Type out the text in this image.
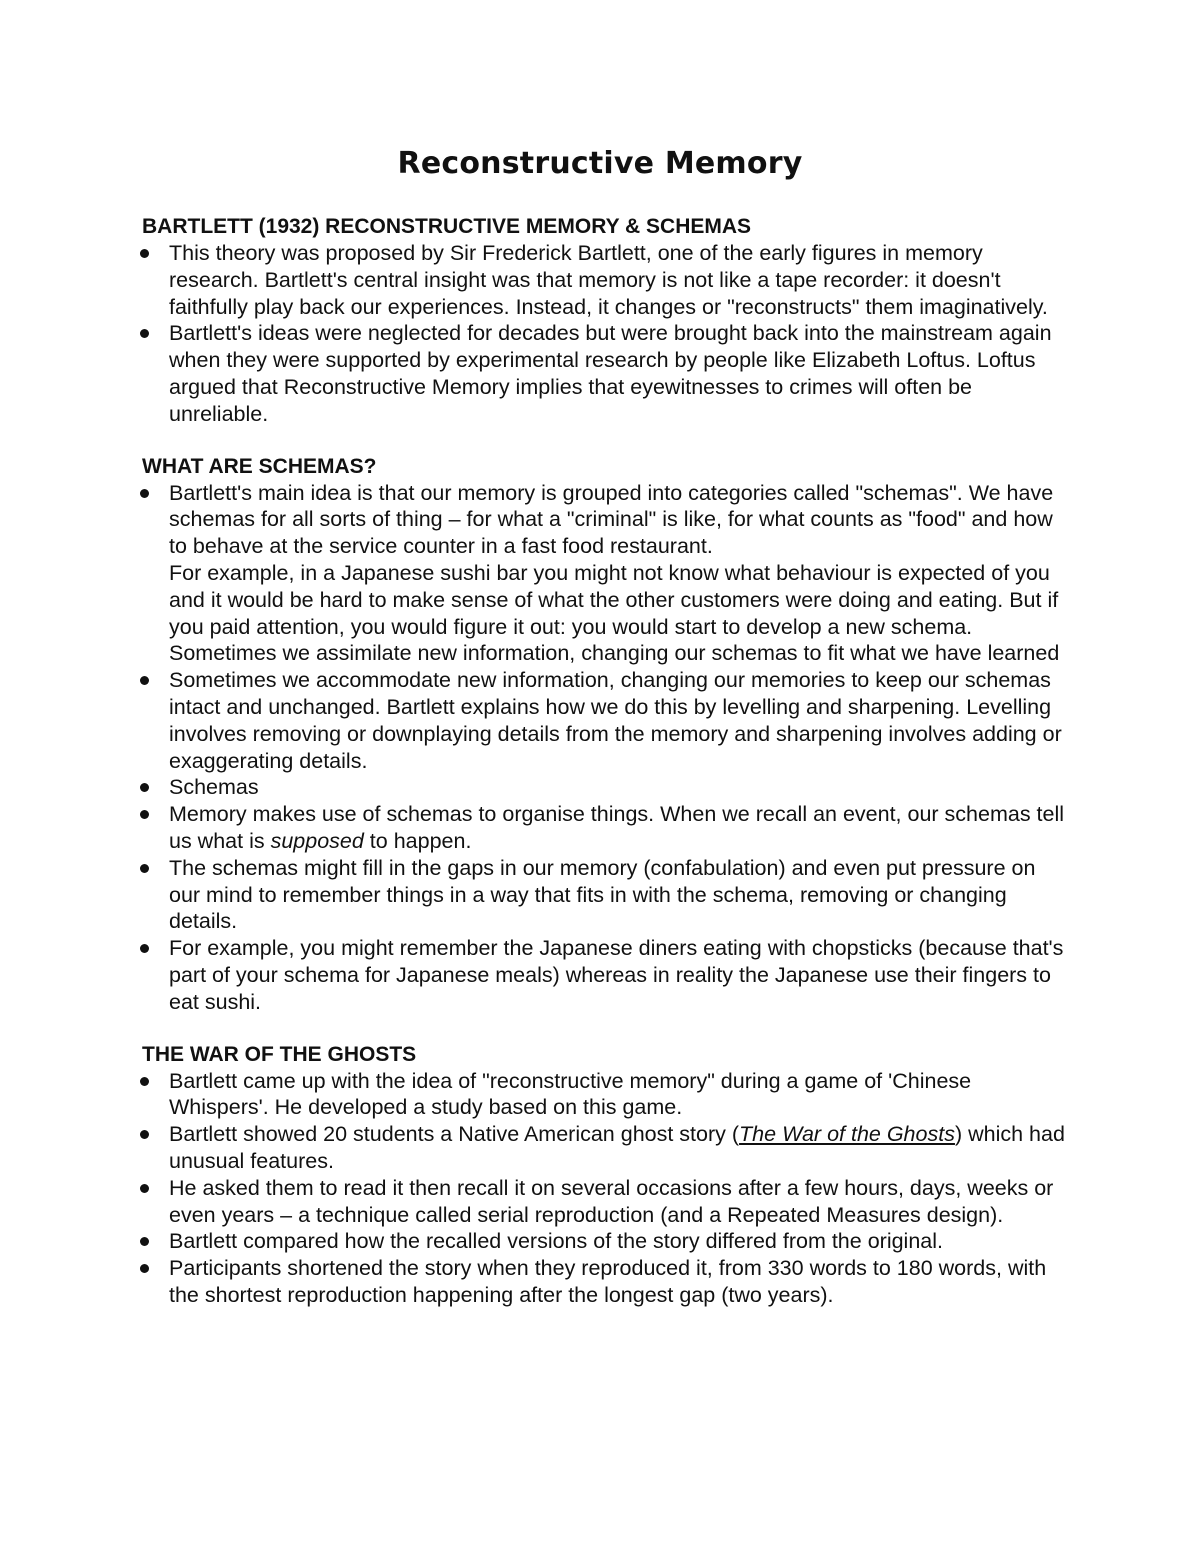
Reconstructive Memory
BARTLETT (1932) RECONSTRUCTIVE MEMORY & SCHEMAS
This theory was proposed by Sir Frederick Bartlett, one of the early figures in memory research. Bartlett's central insight was that memory is not like a tape recorder: it doesn't faithfully play back our experiences. Instead, it changes or "reconstructs" them imaginatively.
Bartlett's ideas were neglected for decades but were brought back into the mainstream again when they were supported by experimental research by people like Elizabeth Loftus. Loftus argued that Reconstructive Memory implies that eyewitnesses to crimes will often be unreliable.
WHAT ARE SCHEMAS?
Bartlett's main idea is that our memory is grouped into categories called "schemas". We have schemas for all sorts of thing – for what a "criminal" is like, for what counts as "food" and how to behave at the service counter in a fast food restaurant.
For example, in a Japanese sushi bar you might not know what behaviour is expected of you and it would be hard to make sense of what the other customers were doing and eating. But if you paid attention, you would figure it out: you would start to develop a new schema. Sometimes we assimilate new information, changing our schemas to fit what we have learned
Sometimes we accommodate new information, changing our memories to keep our schemas intact and unchanged. Bartlett explains how we do this by levelling and sharpening. Levelling involves removing or downplaying details from the memory and sharpening involves adding or exaggerating details.
Schemas
Memory makes use of schemas to organise things. When we recall an event, our schemas tell us what is supposed to happen.
The schemas might fill in the gaps in our memory (confabulation) and even put pressure on our mind to remember things in a way that fits in with the schema, removing or changing details.
For example, you might remember the Japanese diners eating with chopsticks (because that's part of your schema for Japanese meals) whereas in reality the Japanese use their fingers to eat sushi.
THE WAR OF THE GHOSTS
Bartlett came up with the idea of "reconstructive memory" during a game of 'Chinese Whispers'. He developed a study based on this game.
Bartlett showed 20 students a Native American ghost story (The War of the Ghosts) which had unusual features.
He asked them to read it then recall it on several occasions after a few hours, days, weeks or even years – a technique called serial reproduction (and a Repeated Measures design).
Bartlett compared how the recalled versions of the story differed from the original.
Participants shortened the story when they reproduced it, from 330 words to 180 words, with the shortest reproduction happening after the longest gap (two years).
